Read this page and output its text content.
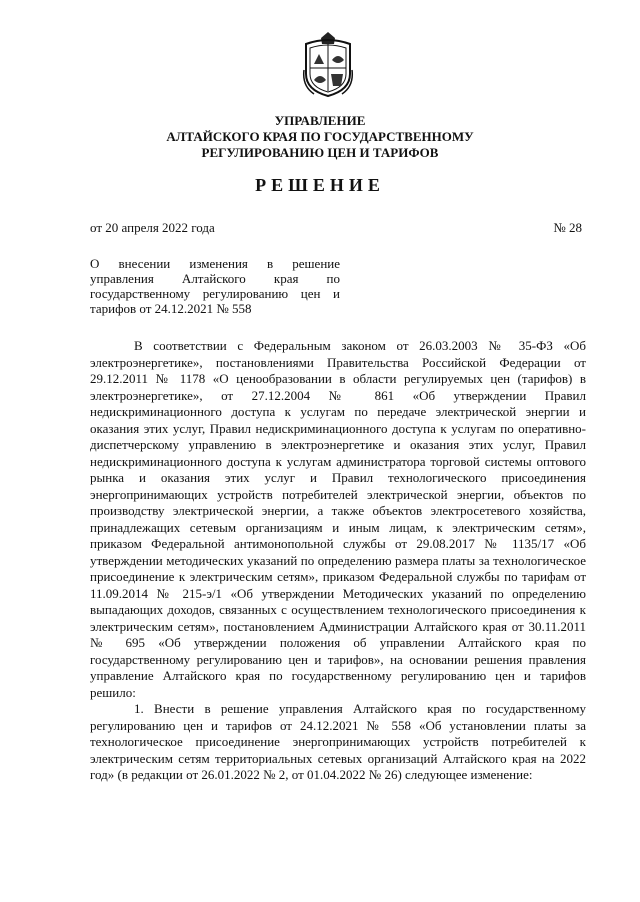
УПРАВЛЕНИЕ
АЛТАЙСКОГО КРАЯ ПО ГОСУДАРСТВЕННОМУ
РЕГУЛИРОВАНИЮ ЦЕН И ТАРИФОВ
РЕШЕНИЕ
от 20 апреля 2022 года	№ 28
О внесении изменения в решение управления Алтайского края по государственному регулированию цен и тарифов от 24.12.2021 № 558

В соответствии с Федеральным законом от 26.03.2003 № 35-ФЗ «Об электроэнергетике», постановлениями Правительства Российской Федерации от 29.12.2011 № 1178 «О ценообразовании в области регулируемых цен (тарифов) в электроэнергетике», от 27.12.2004 № 861 «Об утверждении Правил недискриминационного доступа к услугам по передаче электрической энергии и оказания этих услуг, Правил недискриминационного доступа к услугам по оперативно-диспетчерскому управлению в электроэнергетике и оказания этих услуг, Правил недискриминационного доступа к услугам администратора торговой системы оптового рынка и оказания этих услуг и Правил технологического присоединения энергопринимающих устройств потребителей электрической энергии, объектов по производству электрической энергии, а также объектов электросетевого хозяйства, принадлежащих сетевым организациям и иным лицам, к электрическим сетям», приказом Федеральной антимонопольной службы от 29.08.2017 № 1135/17 «Об утверждении методических указаний по определению размера платы за технологическое присоединение к электрическим сетям», приказом Федеральной службы по тарифам от 11.09.2014 № 215-э/1 «Об утверждении Методических указаний по определению выпадающих доходов, связанных с осуществлением технологического присоединения к электрическим сетям», постановлением Администрации Алтайского края от 30.11.2011 № 695 «Об утверждении положения об управлении Алтайского края по государственному регулированию цен и тарифов», на основании решения правления управление Алтайского края по государственному регулированию цен и тарифов решило:

1. Внести в решение управления Алтайского края по государственному регулированию цен и тарифов от 24.12.2021 № 558 «Об установлении платы за технологическое присоединение энергопринимающих устройств потребителей к электрическим сетям территориальных сетевых организаций Алтайского края на 2022 год» (в редакции от 26.01.2022 № 2, от 01.04.2022 № 26) следующее изменение:
